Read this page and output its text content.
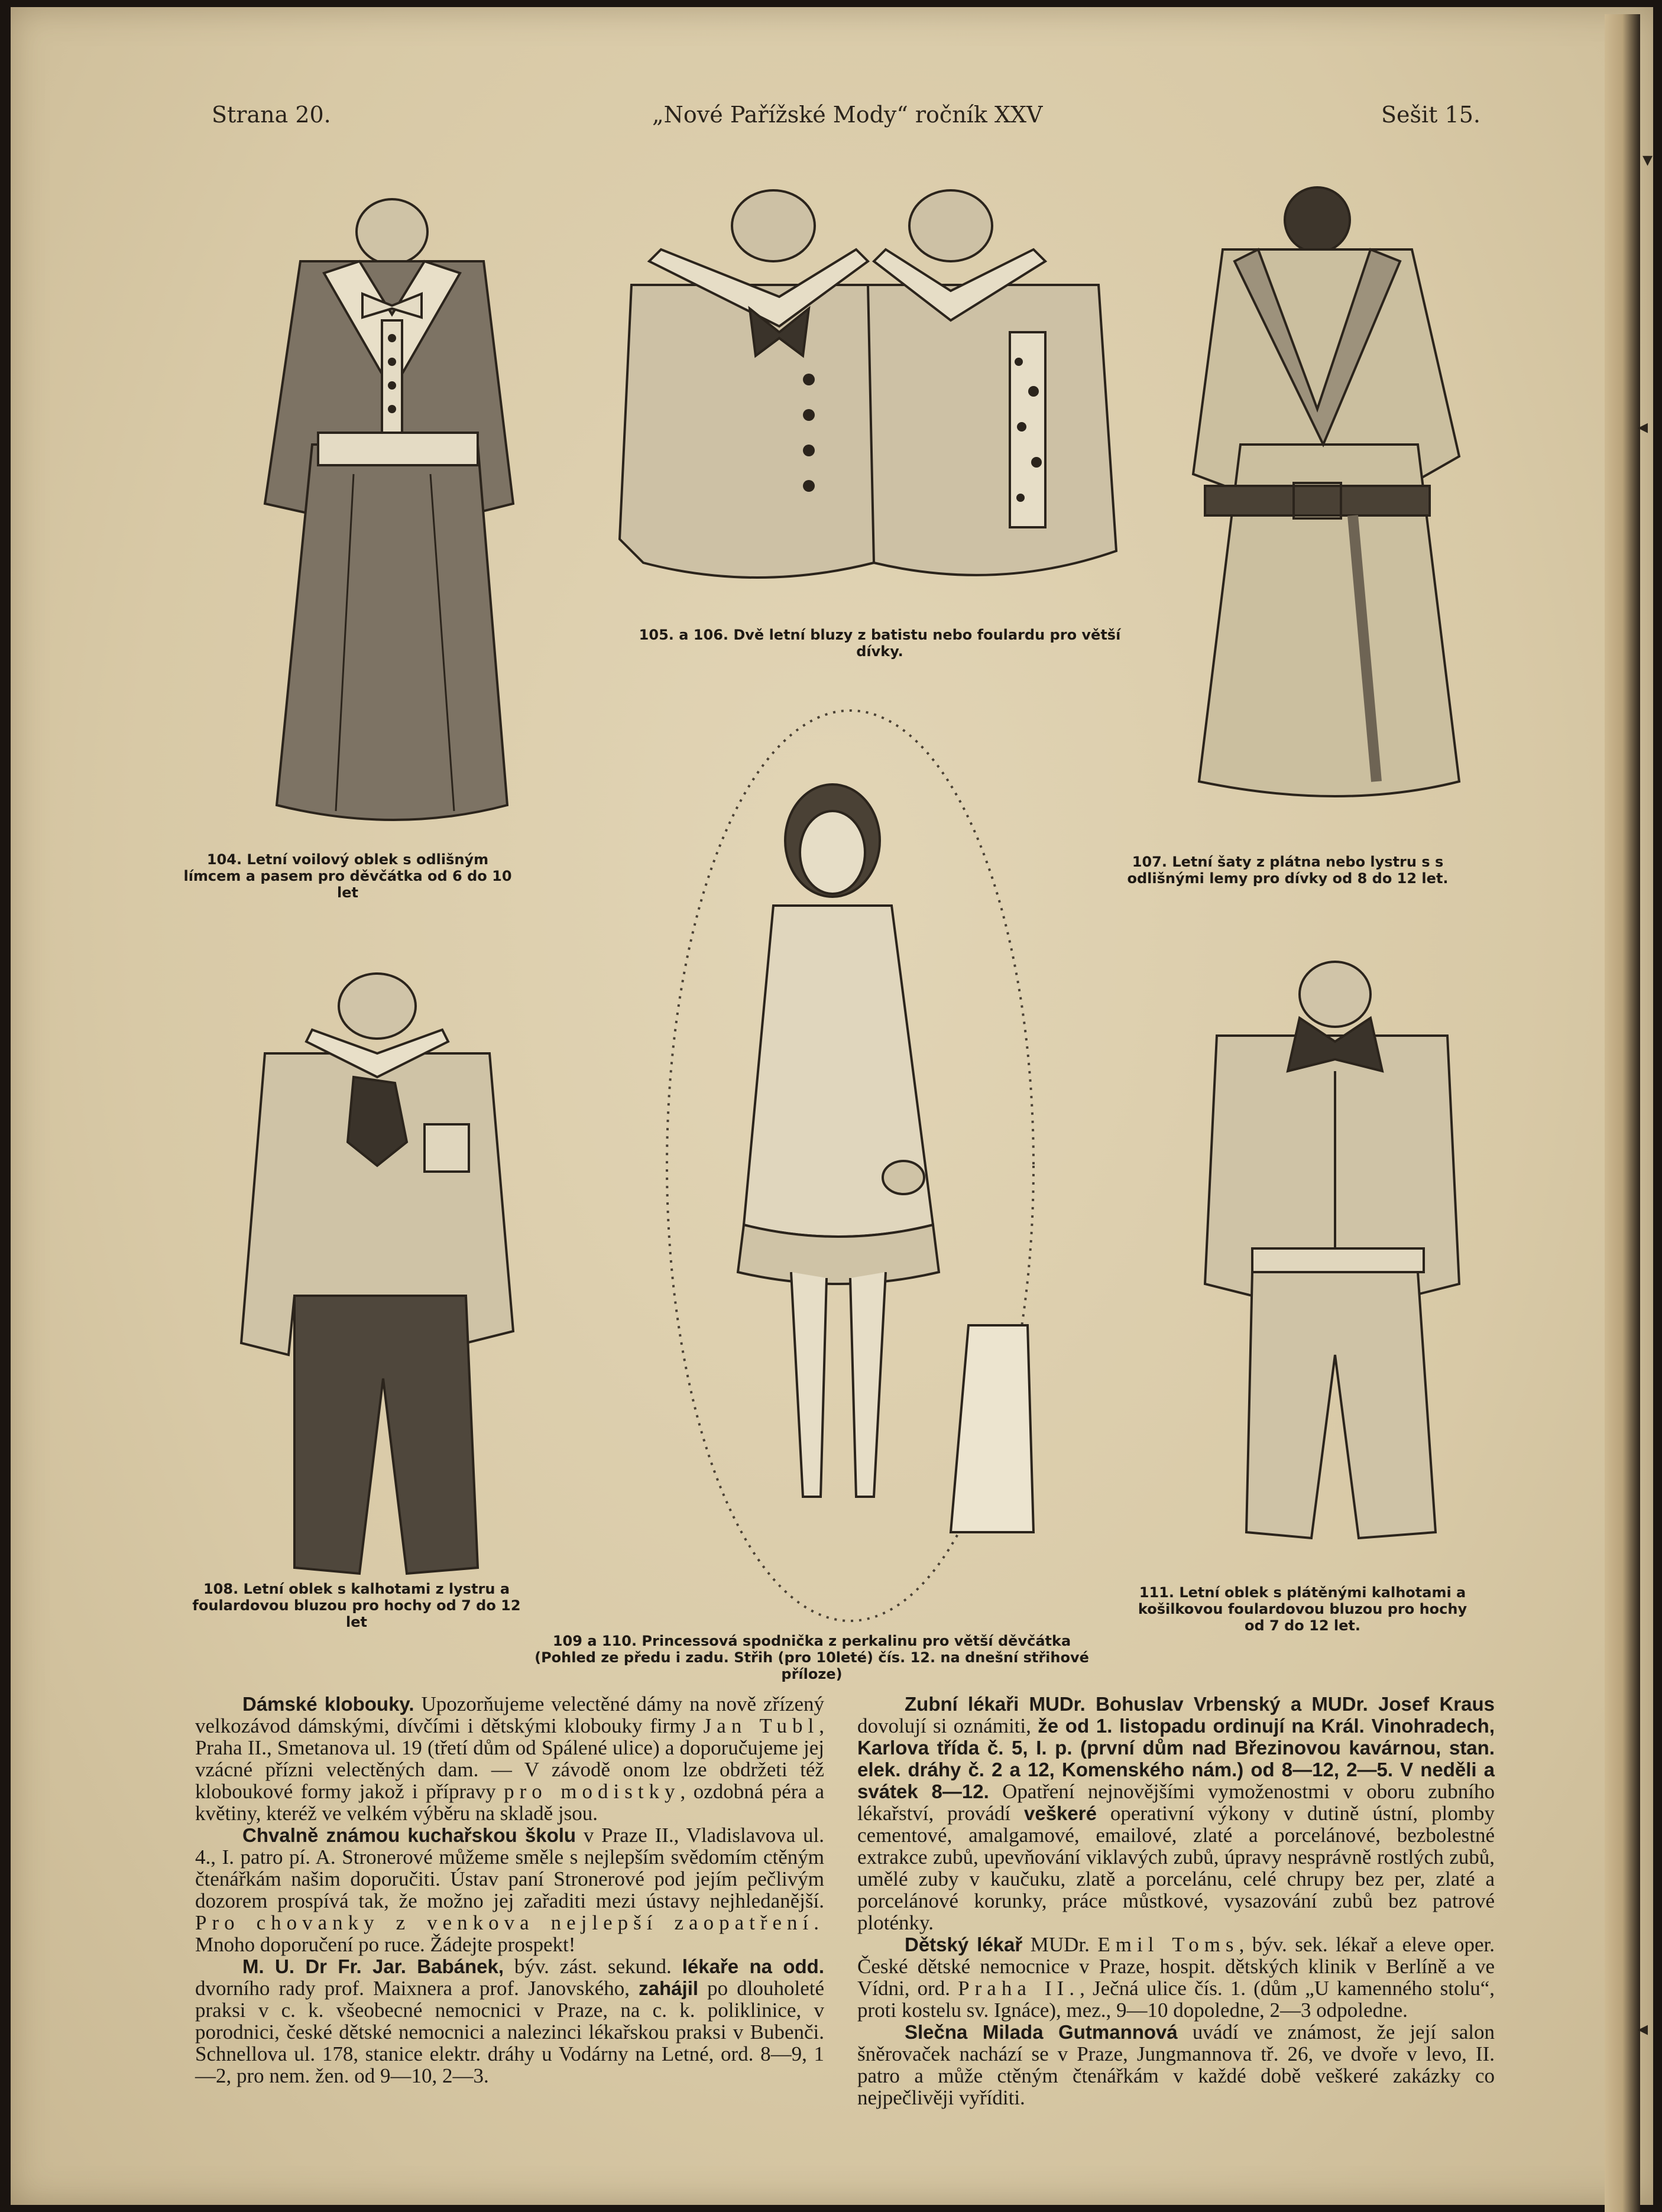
▾
◂
◂
Strana 20.	„Nové Pařížské Mody“ ročník XXV	Sešit 15.
104. Letní voilový oblek s odlišným límcem a pasem pro děvčátka od 6 do 10 let
105. a 106. Dvě letní bluzy z batistu nebo foulardu pro větší dívky.
107. Letní šaty z plátna nebo lystru s s odlišnými lemy pro dívky od 8 do 12 let.
108. Letní oblek s kalhotami z lystru a foulardovou bluzou pro hochy od 7 do 12 let
109 a 110. Princessová spodnička z perkalinu pro větší děvčátka (Pohled ze předu i zadu. Střih (pro 10leté) čís. 12. na dnešní střihové příloze)
111. Letní oblek s plátěnými kalhotami a košilkovou foulardovou bluzou pro hochy od 7 do 12 let.

Dámské klobouky. Upozorňujeme velectěné dámy na nově zřízený velkozávod dámskými, dívčími i dětskými klobouky firmy Jan Tubl, Praha II., Smetanova ul. 19 (třetí dům od Spálené ulice) a doporučujeme jej vzácné přízni velectěných dam. — V závodě onom lze obdržeti též kloboukové formy jakož i přípravy pro modistky, ozdobná péra a květiny, kteréž ve velkém výběru na skladě jsou.

Chvalně známou kuchařskou školu v Praze II., Vladislavova ul. 4., I. patro pí. A. Stronerové můžeme směle s nejlepším svědomím ctěným čtenářkám našim doporučiti. Ústav paní Stronerové pod jejím pečlivým dozorem prospívá tak, že možno jej zařaditi mezi ústavy nejhledanější. Pro chovanky z venkova nejlepší zaopatření. Mnoho doporučení po ruce. Žádejte prospekt!

M. U. Dr Fr. Jar. Babánek, býv. zást. sekund. lékaře na odd. dvorního rady prof. Maixnera a prof. Janovského, zahájil po dlouholeté praksi v c. k. všeobecné nemocnici v Praze, na c. k. poliklinice, v porodnici, české dětské nemocnici a nalezinci lékařskou praksi v Bubenči. Schnellova ul. 178, stanice elektr. dráhy u Vodárny na Letné, ord. 8—9, 1—2, pro nem. žen. od 9—10, 2—3.

Zubní lékaři MUDr. Bohuslav Vrbenský a MUDr. Josef Kraus dovolují si oznámiti, že od 1. listopadu ordinují na Král. Vinohradech, Karlova třída č. 5, I. p. (první dům nad Březinovou kavárnou, stan. elek. dráhy č. 2 a 12, Komenského nám.) od 8—12, 2—5. V neděli a svátek 8—12. Opatření nejnovějšími vymoženostmi v oboru zubního lékařství, provádí veškeré operativní výkony v dutině ústní, plomby cementové, amalgamové, emailové, zlaté a porcelánové, bezbolestné extrakce zubů, upevňování viklavých zubů, úpravy nesprávně rostlých zubů, umělé zuby v kaučuku, zlatě a porcelánu, celé chrupy bez per, zlaté a porcelánové korunky, práce můstkové, vysazování zubů bez patrové ploténky.

Dětský lékař MUDr. Emil Toms, býv. sek. lékař a eleve oper. České dětské nemocnice v Praze, hospit. dětských klinik v Berlíně a ve Vídni, ord. Praha II., Ječná ulice čís. 1. (dům „U kamenného stolu“, proti kostelu sv. Ignáce), mez., 9—10 dopoledne, 2—3 odpoledne.

Slečna Milada Gutmannová uvádí ve známost, že její salon šněrovaček nachází se v Praze, Jungmannova tř. 26, ve dvoře v levo, II. patro a může ctěným čtenářkám v každé době veškeré zakázky co nejpečlivěji vyříditi.
